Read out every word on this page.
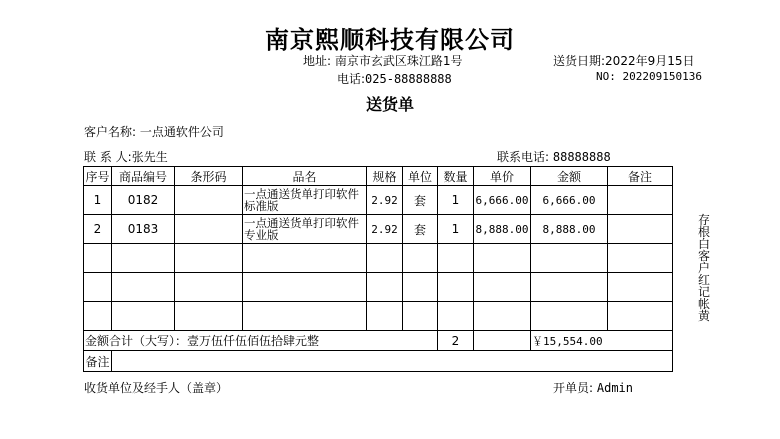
南京熙顺科技有限公司
地址: 南京市玄武区珠江路1号	送货日期:2022年9月15日
电话:025-88888888	NO: 202209150136
送货单
客户名称: 一点通软件公司
联 系 人:张先生	联系电话: 88888888
序号	商品编号	条形码	品名	规格	单位	数量	单价	金额	备注
1	0182		一点通送货单打印软件标准版	2.92	套	1	6,666.00	6,666.00	
2	0183		一点通送货单打印软件专业版	2.92	套	1	8,888.00	8,888.00	

金额合计（大写）：壹万伍仟伍佰伍拾肆元整						2		￥15,554.00	
备注									
存根白客户红记帐黄
收货单位及经手人（盖章）	开单员: Admin
